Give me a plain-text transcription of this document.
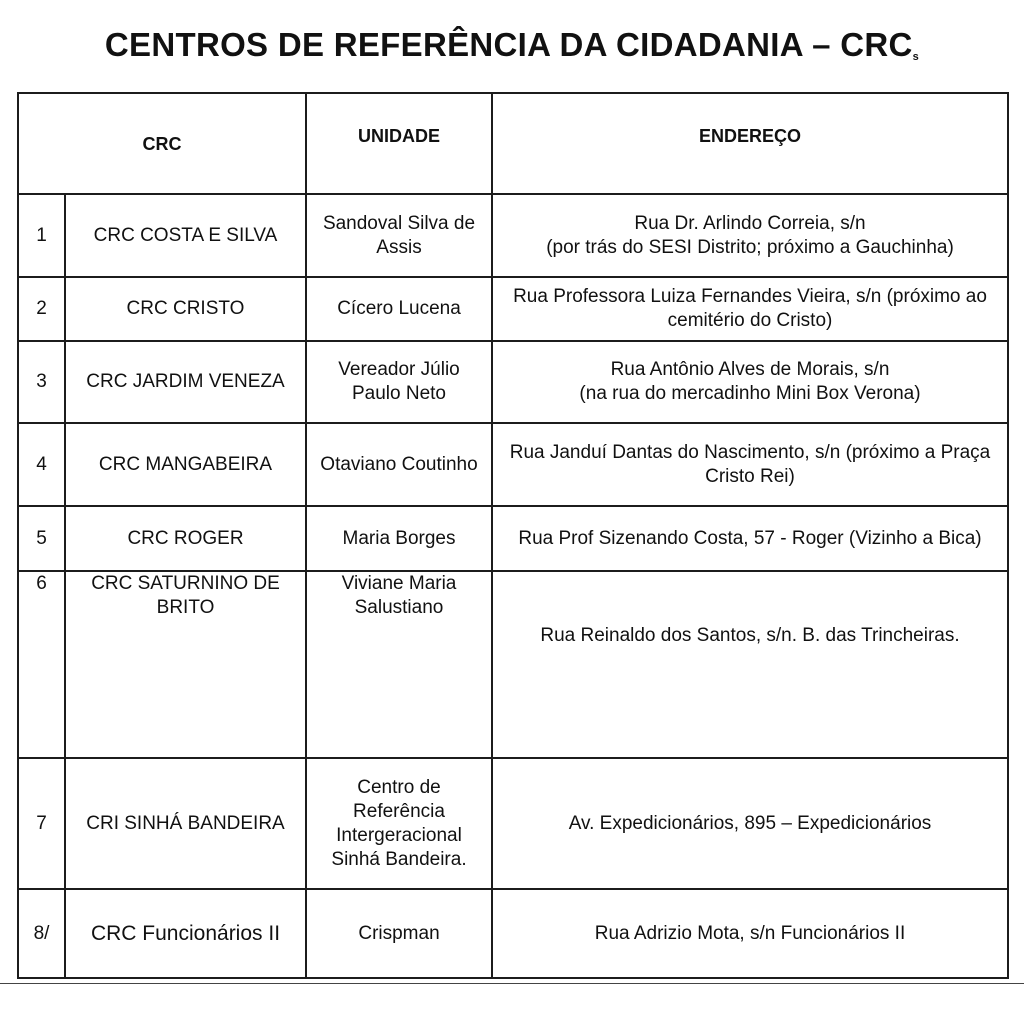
CENTROS DE REFERÊNCIA DA CIDADANIA – CRCs
CRC		UNIDADE	ENDEREÇO
1	CRC COSTA E SILVA	Sandoval Silva de Assis	Rua Dr. Arlindo Correia, s/n
(por trás do SESI Distrito; próximo a Gauchinha)
2	CRC CRISTO	Cícero Lucena	Rua Professora Luiza Fernandes Vieira, s/n (próximo ao cemitério do Cristo)
3	CRC JARDIM VENEZA	Vereador Júlio Paulo Neto	Rua Antônio Alves de Morais, s/n
(na rua do mercadinho Mini Box Verona)
4	CRC MANGABEIRA	Otaviano Coutinho	Rua Janduí Dantas do Nascimento, s/n (próximo a Praça Cristo Rei)
5	CRC ROGER	Maria Borges	Rua Prof Sizenando Costa, 57 - Roger (Vizinho a Bica)
6	CRC SATURNINO DE BRITO	Viviane Maria Salustiano	Rua Reinaldo dos Santos, s/n. B. das Trincheiras.
7	CRI SINHÁ BANDEIRA	Centro de Referência Intergeracional Sinhá Bandeira.	Av. Expedicionários, 895 – Expedicionários
8/	CRC Funcionários II	Crispman	Rua Adrizio Mota, s/n Funcionários II
